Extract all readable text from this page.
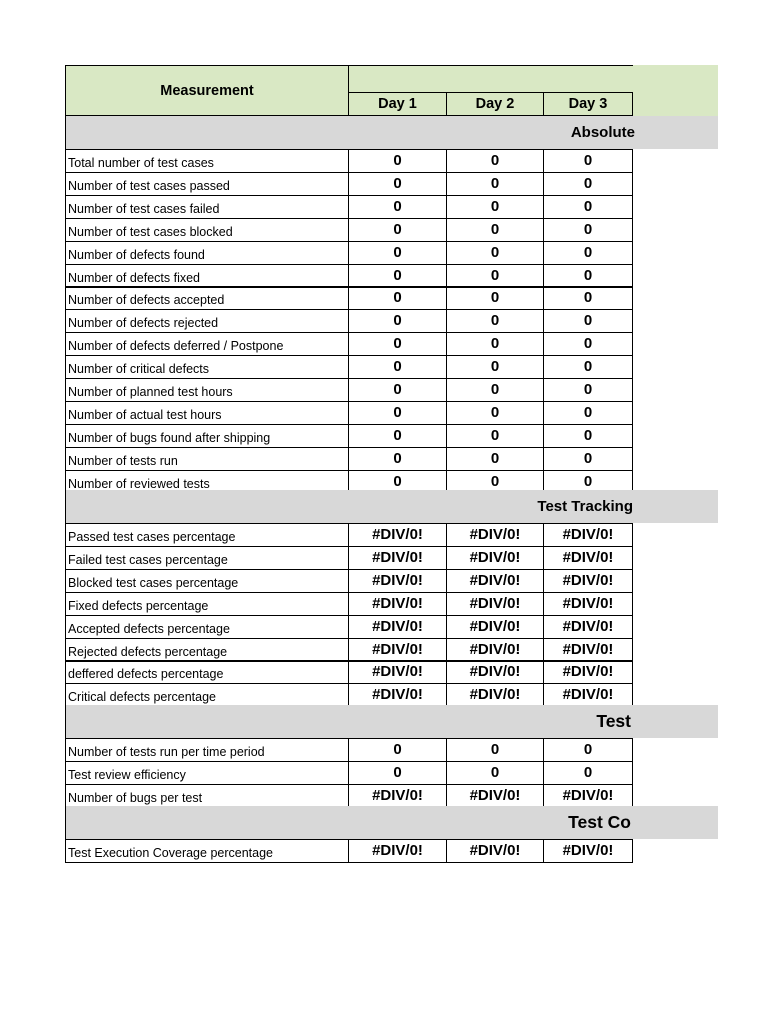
Measurement
Day 1	Day 2	Day 3
Absolute
Total number of test cases	0	0	0
Number of test cases passed	0	0	0
Number of test cases failed	0	0	0
Number of test cases blocked	0	0	0
Number of defects found	0	0	0
Number of defects fixed	0	0	0
Number of defects accepted	0	0	0
Number of defects rejected	0	0	0
Number of defects deferred / Postpone	0	0	0
Number of critical defects	0	0	0
Number of planned test hours	0	0	0
Number of actual test hours	0	0	0
Number of bugs found after shipping	0	0	0
Number of tests run	0	0	0
Number of reviewed tests	0	0	0
Test Tracking
Passed test cases percentage	#DIV/0!	#DIV/0!	#DIV/0!
Failed test cases percentage	#DIV/0!	#DIV/0!	#DIV/0!
Blocked test cases percentage	#DIV/0!	#DIV/0!	#DIV/0!
Fixed defects percentage	#DIV/0!	#DIV/0!	#DIV/0!
Accepted defects percentage	#DIV/0!	#DIV/0!	#DIV/0!
Rejected defects percentage	#DIV/0!	#DIV/0!	#DIV/0!
deffered defects percentage	#DIV/0!	#DIV/0!	#DIV/0!
Critical defects percentage	#DIV/0!	#DIV/0!	#DIV/0!
Test
Number of tests run per time period	0	0	0
Test review efficiency	0	0	0
Number of bugs per test	#DIV/0!	#DIV/0!	#DIV/0!
Test Co
Test Execution Coverage percentage	#DIV/0!	#DIV/0!	#DIV/0!
